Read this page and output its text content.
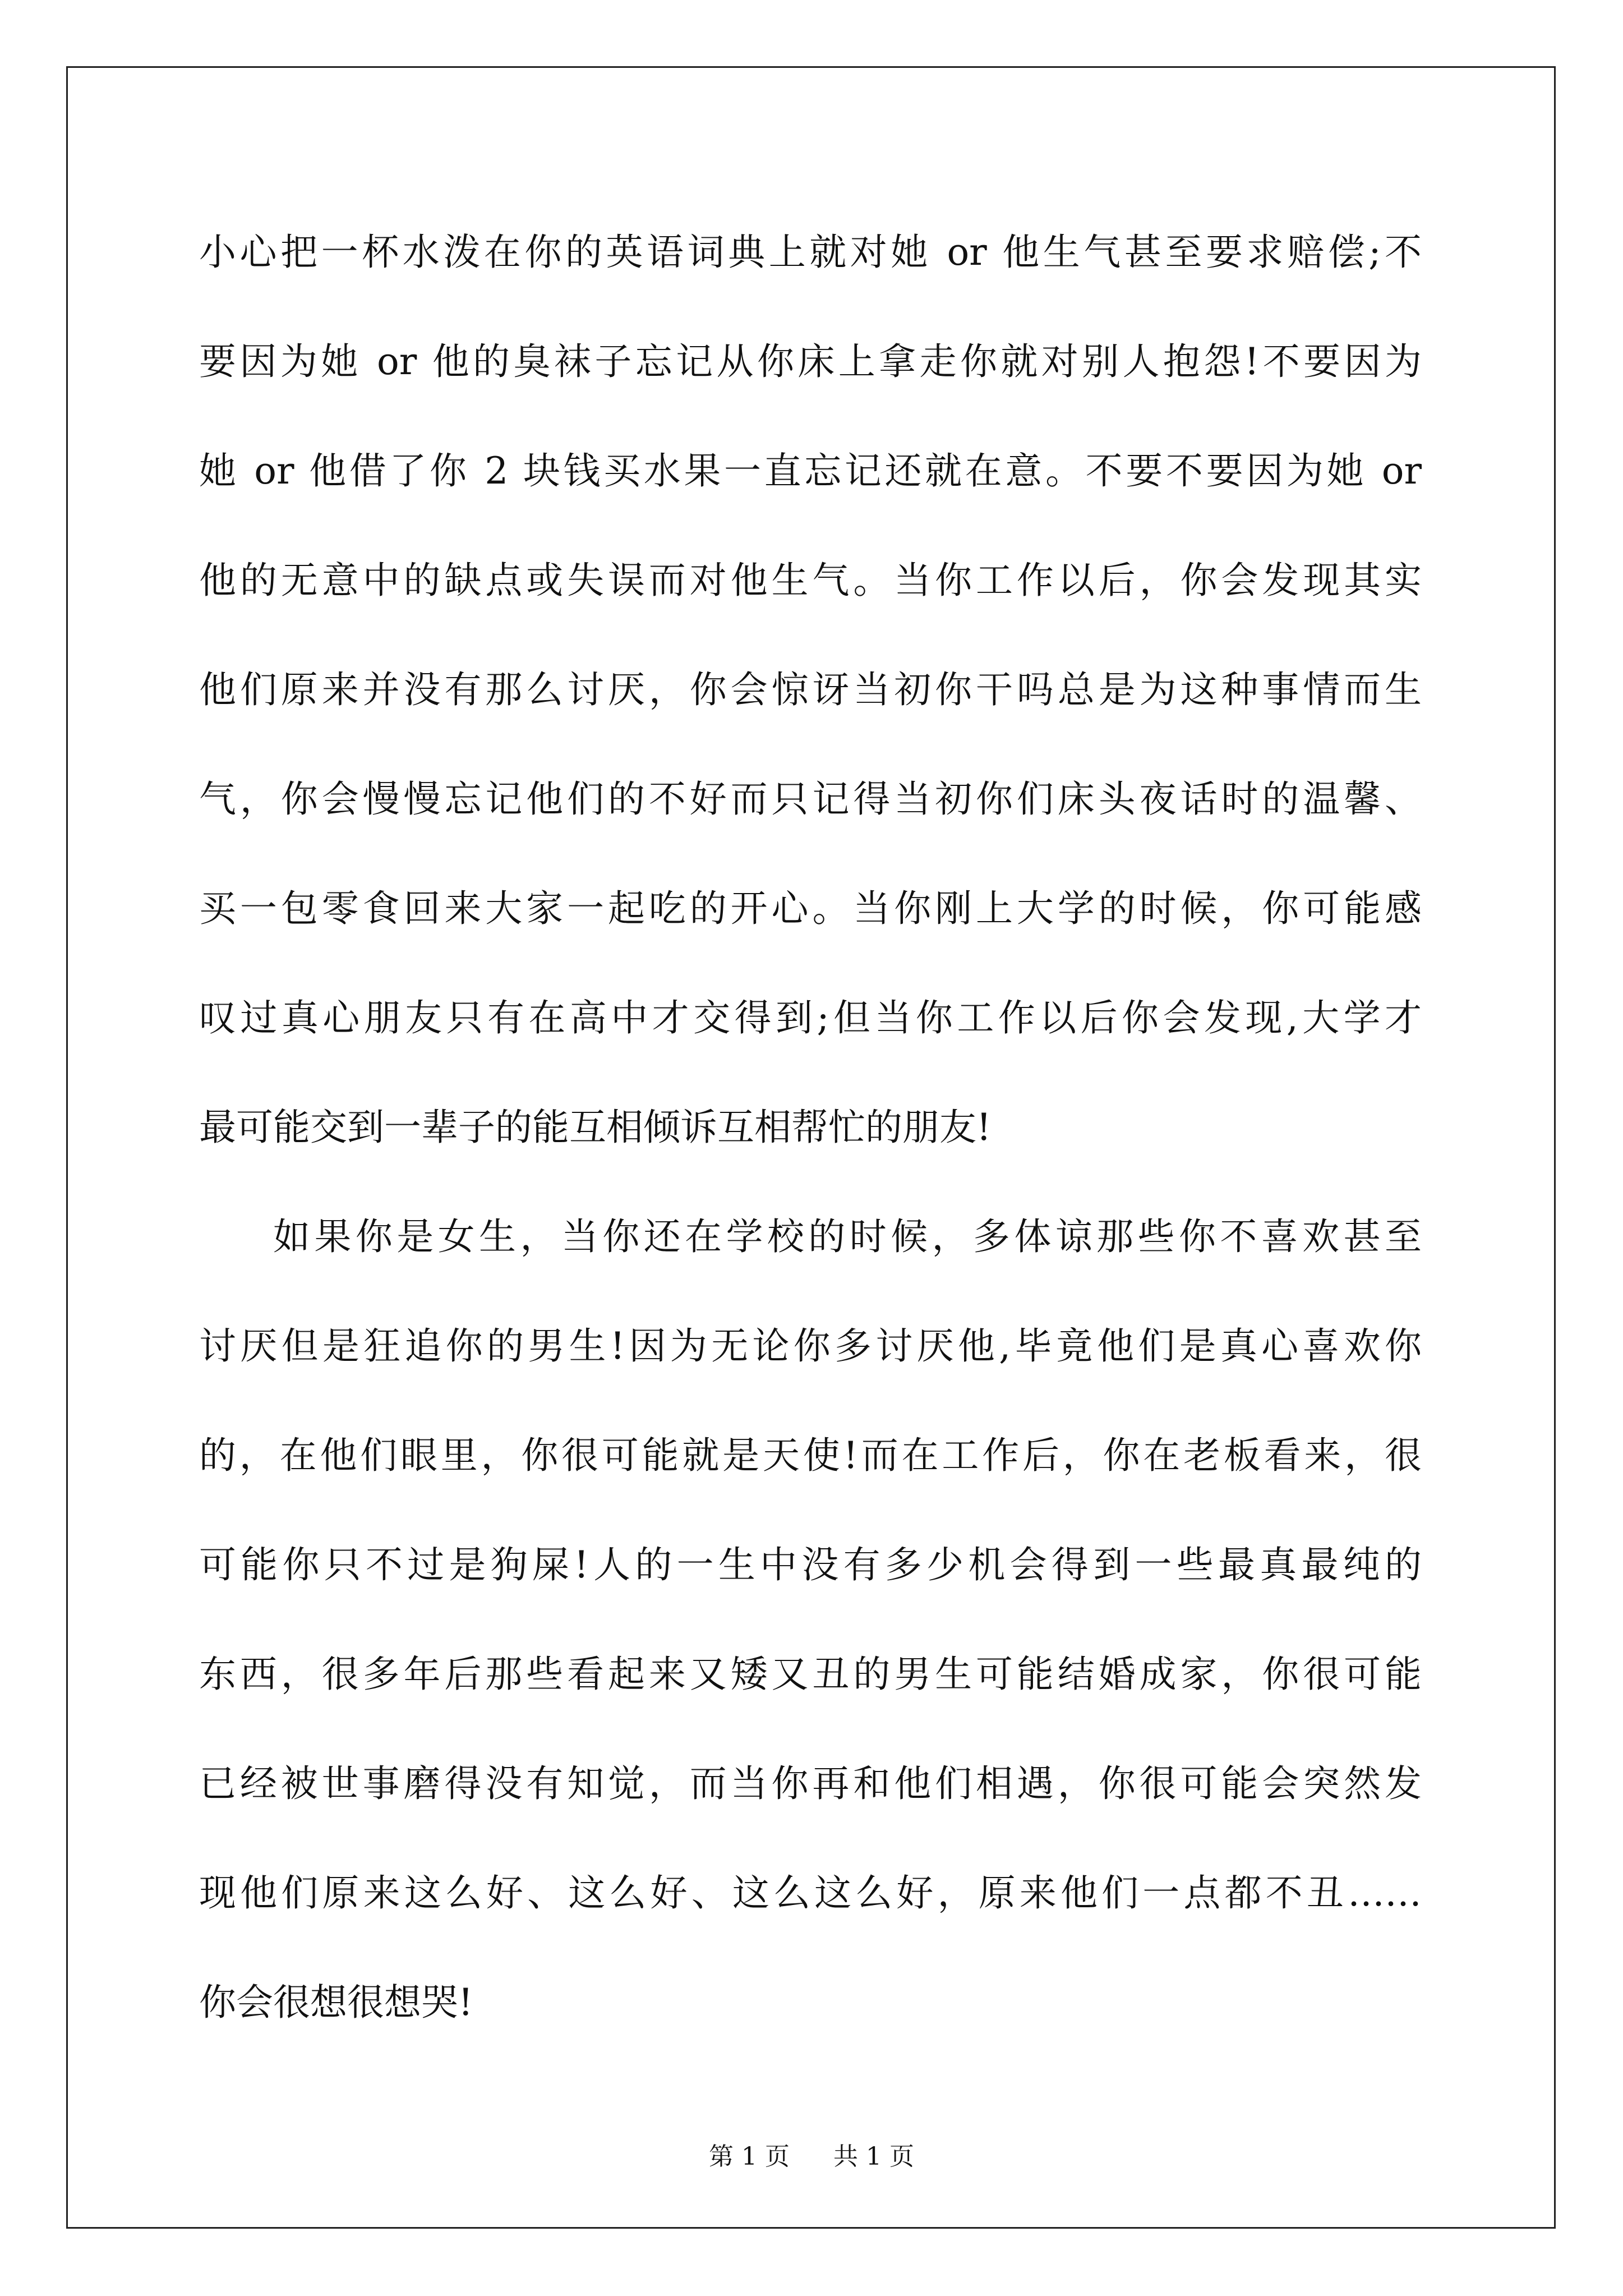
小心把一杯水泼在你的英语词典上就对她 or 他生气甚至要求赔偿;不
要因为她 or 他的臭袜子忘记从你床上拿走你就对别人抱怨!不要因为
她 or 他借了你 2 块钱买水果一直忘记还就在意。不要不要因为她 or
他的无意中的缺点或失误而对他生气。当你工作以后，你会发现其实
他们原来并没有那么讨厌，你会惊讶当初你干吗总是为这种事情而生
气，你会慢慢忘记他们的不好而只记得当初你们床头夜话时的温馨、
买一包零食回来大家一起吃的开心。当你刚上大学的时候，你可能感
叹过真心朋友只有在高中才交得到;但当你工作以后你会发现,大学才
最可能交到一辈子的能互相倾诉互相帮忙的朋友!
如果你是女生，当你还在学校的时候，多体谅那些你不喜欢甚至
讨厌但是狂追你的男生!因为无论你多讨厌他,毕竟他们是真心喜欢你
的，在他们眼里，你很可能就是天使!而在工作后，你在老板看来，很
可能你只不过是狗屎!人的一生中没有多少机会得到一些最真最纯的
东西，很多年后那些看起来又矮又丑的男生可能结婚成家，你很可能
已经被世事磨得没有知觉，而当你再和他们相遇，你很可能会突然发
现他们原来这么好、这么好、这么这么好，原来他们一点都不丑……
你会很想很想哭!
第 1 页 共 1 页
